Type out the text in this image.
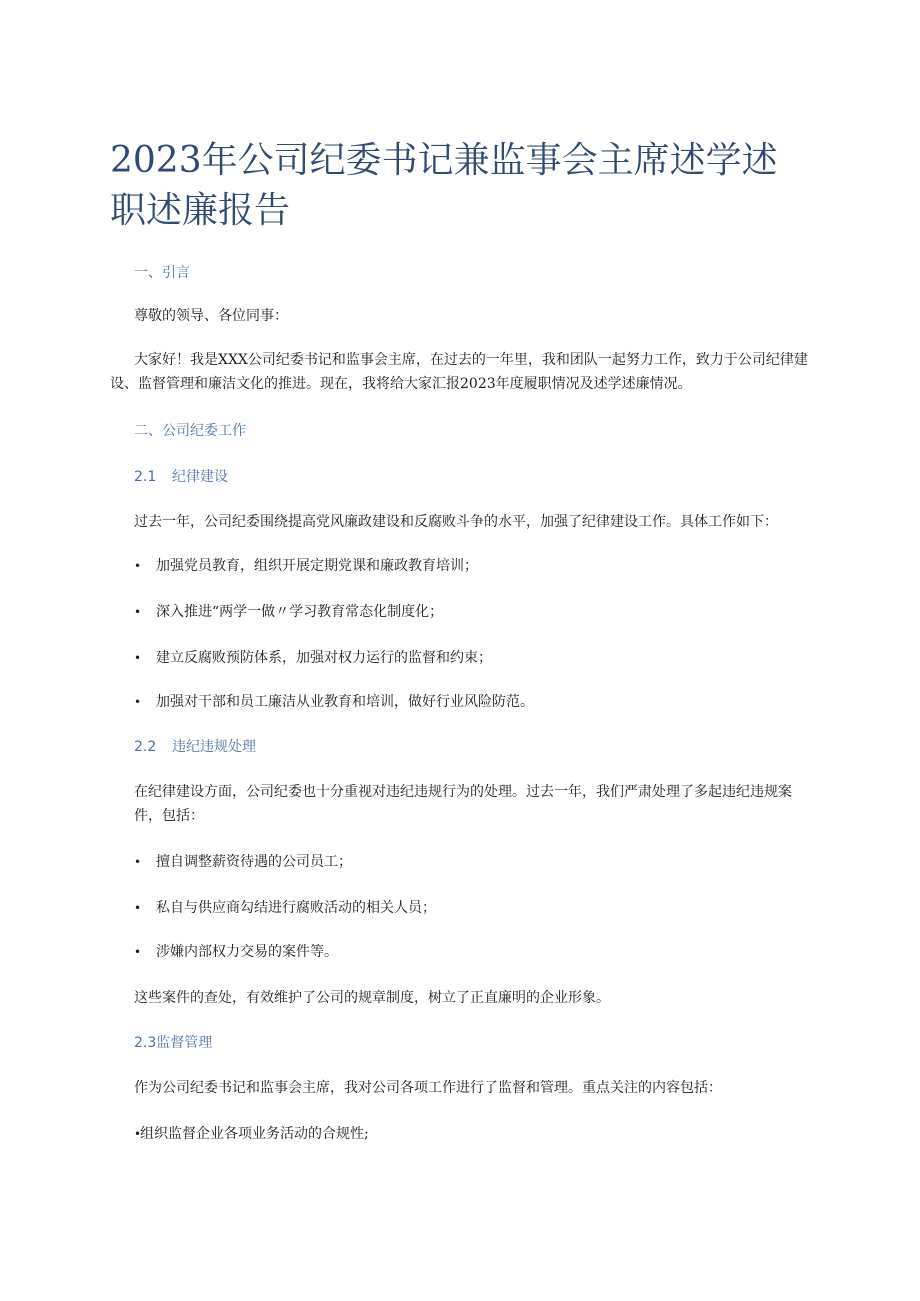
2023年公司纪委书记兼监事会主席述学述职述廉报告

一、引言

尊敬的领导、各位同事：

大家好！我是XXX公司纪委书记和监事会主席，在过去的一年里，我和团队一起努力工作，致力于公司纪律建设、监督管理和廉洁文化的推进。现在，我将给大家汇报2023年度履职情况及述学述廉情况。

二、公司纪委工作

2.1 纪律建设

过去一年，公司纪委围绕提高党风廉政建设和反腐败斗争的水平，加强了纪律建设工作。具体工作如下：

•	加强党员教育，组织开展定期党课和廉政教育培训；
•	深入推进“两学一做〃学习教育常态化制度化；
•	建立反腐败预防体系，加强对权力运行的监督和约束；
•	加强对干部和员工廉洁从业教育和培训，做好行业风险防范。

2.2 违纪违规处理

在纪律建设方面，公司纪委也十分重视对违纪违规行为的处理。过去一年，我们严肃处理了多起违纪违规案件，包括：

•	擅自调整薪资待遇的公司员工；
•	私自与供应商勾结进行腐败活动的相关人员；
•	涉嫌内部权力交易的案件等。

这些案件的查处，有效维护了公司的规章制度，树立了正直廉明的企业形象。

2.3监督管理

作为公司纪委书记和监事会主席，我对公司各项工作进行了监督和管理。重点关注的内容包括：

•
组织监督企业各项业务活动的合规性;
